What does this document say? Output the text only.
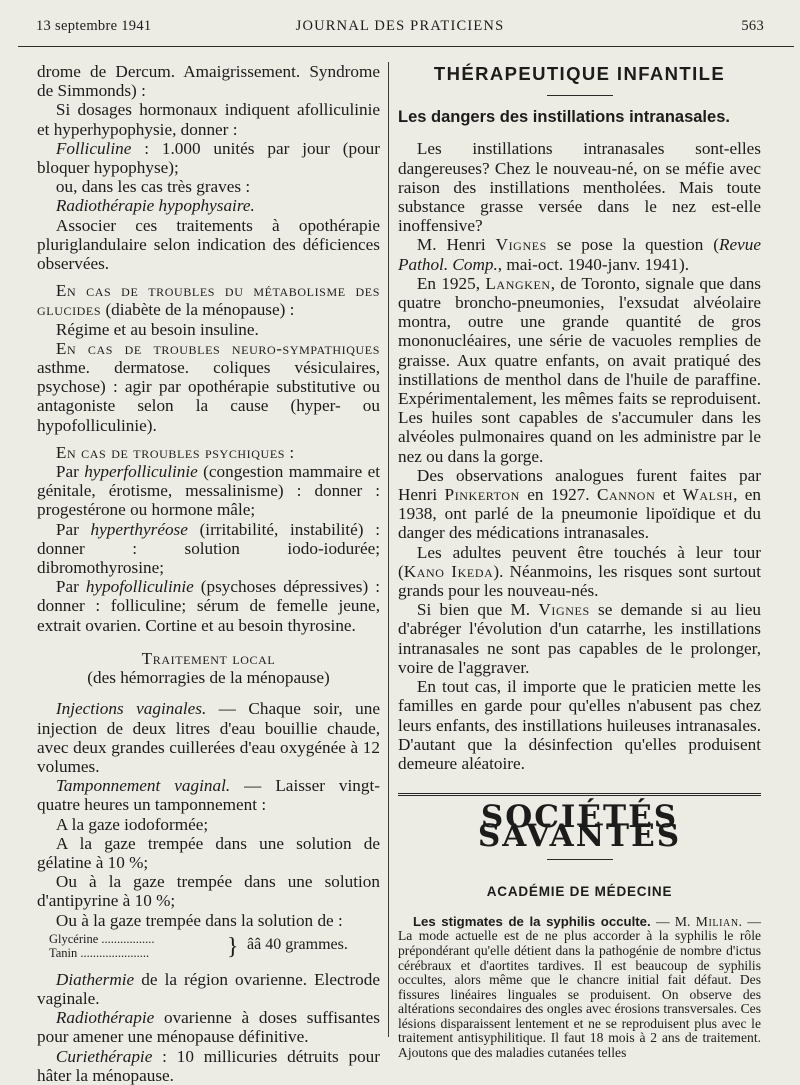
13 septembre 1941	JOURNAL DES PRATICIENS	563

drome de Dercum. Amaigrissement. Syndrome de Simmonds) :

Si dosages hormonaux indiquent afolliculinie et hyperhypophysie, donner :

Folliculine : 1.000 unités par jour (pour bloquer hypophyse);

ou, dans les cas très graves :

Radiothérapie hypophysaire.

Associer ces traitements à opothérapie pluriglandulaire selon indication des déficiences observées.

En cas de troubles du métabolisme des glucides (diabète de la ménopause) :

Régime et au besoin insuline.

En cas de troubles neuro-sympathiques asthme. dermatose. coliques vésiculaires, psychose) : agir par opothérapie substitutive ou antagoniste selon la cause (hyper- ou hypofolliculinie).

En cas de troubles psychiques :

Par hyperfolliculinie (congestion mammaire et génitale, érotisme, messalinisme) : donner : progestérone ou hormone mâle;

Par hyperthyréose (irritabilité, instabilité) : donner : solution iodo-iodurée; dibromothyrosine;

Par hypofolliculinie (psychoses dépressives) : donner : folliculine; sérum de femelle jeune, extrait ovarien. Cortine et au besoin thyrosine.

Traitement local

(des hémorragies de la ménopause)

Injections vaginales. — Chaque soir, une injection de deux litres d'eau bouillie chaude, avec deux grandes cuillerées d'eau oxygénée à 12 volumes.

Tamponnement vaginal. — Laisser vingt-quatre heures un tamponnement :

A la gaze iodoformée;

A la gaze trempée dans une solution de gélatine à 10 %;

Ou à la gaze trempée dans une solution d'antipyrine à 10 %;

Ou à la gaze trempée dans la solution de :

Glycérine .................
Tanin ......................	} ââ 40 grammes.

Diathermie de la région ovarienne. Electrode vaginale.

Radiothérapie ovarienne à doses suffisantes pour amener une ménopause définitive.

Curiethérapie : 10 millicuries détruits pour hâter la ménopause.

THÉRAPEUTIQUE INFANTILE
Les dangers des instillations intranasales.

Les instillations intranasales sont-elles dangereuses? Chez le nouveau-né, on se méfie avec raison des instillations mentholées. Mais toute substance grasse versée dans le nez est-elle inoffensive?

M. Henri Vignes se pose la question (Revue Pathol. Comp., mai-oct. 1940-janv. 1941).

En 1925, Langken, de Toronto, signale que dans quatre broncho-pneumonies, l'exsudat alvéolaire montra, outre une grande quantité de gros mononucléaires, une série de vacuoles remplies de graisse. Aux quatre enfants, on avait pratiqué des instillations de menthol dans de l'huile de paraffine. Expérimentalement, les mêmes faits se reproduisent. Les huiles sont capables de s'accumuler dans les alvéoles pulmonaires quand on les administre par le nez ou dans la gorge.

Des observations analogues furent faites par Henri Pinkerton en 1927. Cannon et Walsh, en 1938, ont parlé de la pneumonie lipoïdique et du danger des médications intranasales.

Les adultes peuvent être touchés à leur tour (Kano Ikeda). Néanmoins, les risques sont surtout grands pour les nouveau-nés.

Si bien que M. Vignes se demande si au lieu d'abréger l'évolution d'un catarrhe, les instillations intranasales ne sont pas capables de le prolonger, voire de l'aggraver.

En tout cas, il importe que le praticien mette les familles en garde pour qu'elles n'abusent pas chez leurs enfants, des instillations huileuses intranasales. D'autant que la désinfection qu'elles produisent demeure aléatoire.

SOCIÉTÉS SAVANTES
ACADÉMIE DE MÉDECINE

Les stigmates de la syphilis occulte. — M. Milian. — La mode actuelle est de ne plus accorder à la syphilis le rôle prépondérant qu'elle détient dans la pathogénie de nombre d'ictus cérébraux et d'aortites tardives. Il est beaucoup de syphilis occultes, alors même que le chancre initial fait défaut. Des fissures linéaires linguales se produisent. On observe des altérations secondaires des ongles avec érosions transversales. Ces lésions disparaissent lentement et ne se reproduisent plus avec le traitement antisyphilitique. Il faut 18 mois à 2 ans de traitement. Ajoutons que des maladies cutanées telles
